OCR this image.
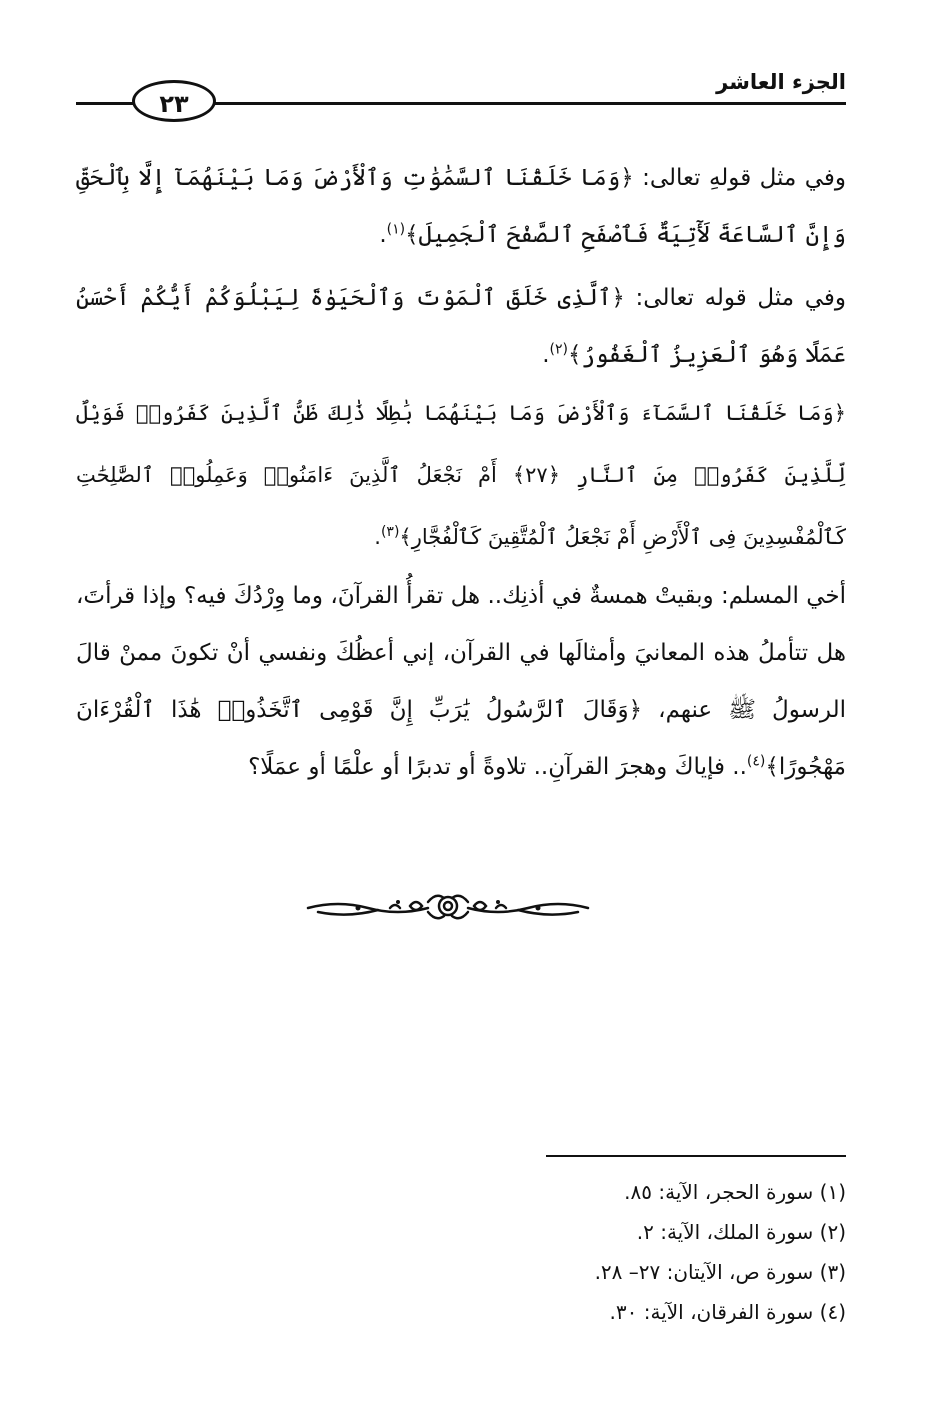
الجزء العاشر
٢٣

وفي مثل قولهِ تعالى: ﴿وَمَا خَلَقْنَا ٱلسَّمَٰوَٰتِ وَٱلْأَرْضَ وَمَا بَيْنَهُمَآ إِلَّا بِٱلْحَقِّ وَإِنَّ ٱلسَّاعَةَ لَأٓتِيَةٌ فَٱصْفَحِ ٱلصَّفْحَ ٱلْجَمِيلَ﴾$^{(١)}$.

وفي مثل قوله تعالى: ﴿ٱلَّذِى خَلَقَ ٱلْمَوْتَ وَٱلْحَيَوٰةَ لِيَبْلُوَكُمْ أَيُّكُمْ أَحْسَنُ عَمَلًا وَهُوَ ٱلْعَزِيزُ ٱلْغَفُورُ﴾$^{(٢)}$.

﴿وَمَا خَلَقْنَا ٱلسَّمَآءَ وَٱلْأَرْضَ وَمَا بَيْنَهُمَا بَٰطِلًا ذَٰلِكَ ظَنُّ ٱلَّذِينَ كَفَرُوا۟ فَوَيْلٌ لِّلَّذِينَ كَفَرُوا۟ مِنَ ٱلنَّارِ ﴿٢٧﴾ أَمْ نَجْعَلُ ٱلَّذِينَ ءَامَنُوا۟ وَعَمِلُوا۟ ٱلصَّٰلِحَٰتِ كَٱلْمُفْسِدِينَ فِى ٱلْأَرْضِ أَمْ نَجْعَلُ ٱلْمُتَّقِينَ كَٱلْفُجَّارِ﴾$^{(٣)}$.

أخي المسلم: وبقيتْ همسةٌ في أذنِك.. هل تقرأُ القرآنَ، وما وِرْدُكَ فيه؟ وإذا قرأتَ، هل تتأملُ هذه المعانيَ وأمثالَها في القرآن، إني أعظُكَ ونفسي أنْ تكونَ ممنْ قالَ الرسولُ ﷺ عنهم، ﴿وَقَالَ ٱلرَّسُولُ يَٰرَبِّ إِنَّ قَوْمِى ٱتَّخَذُوا۟ هَٰذَا ٱلْقُرْءَانَ مَهْجُورًا﴾$^{(٤)}$.. فإياكَ وهجرَ القرآنِ.. تلاوةً أو تدبرًا أو علْمًا أو عمَلًا؟

(١) سورة الحجر، الآية: ٨٥.
(٢) سورة الملك، الآية: ٢.
(٣) سورة ص، الآيتان: ٢٧– ٢٨.
(٤) سورة الفرقان، الآية: ٣٠.
